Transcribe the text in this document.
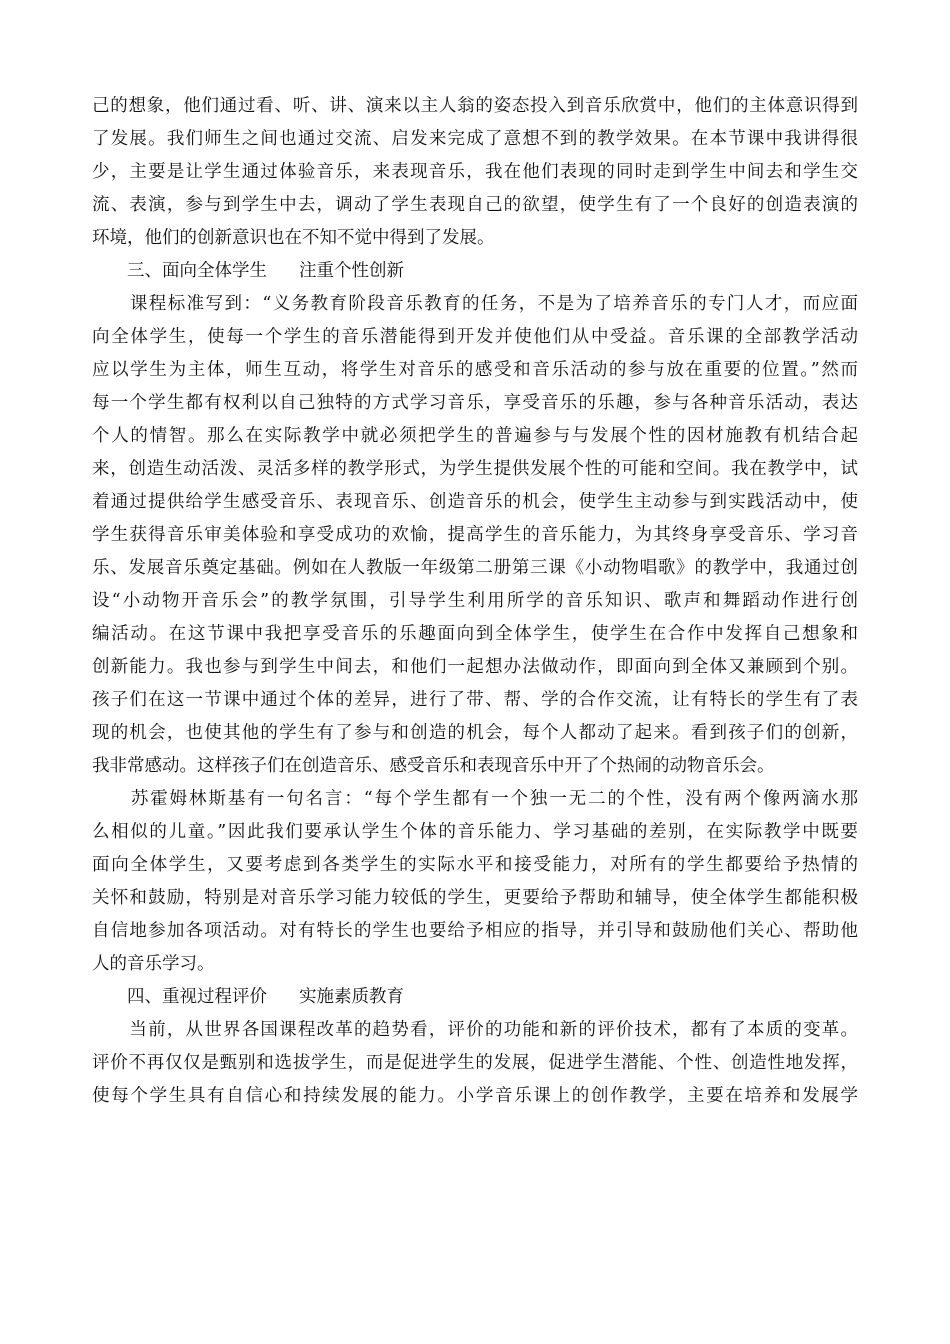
己的想象，他们通过看、听、讲、演来以主人翁的姿态投入到音乐欣赏中，他们的主体意识得到
了发展。我们师生之间也通过交流、启发来完成了意想不到的教学效果。在本节课中我讲得很
少，主要是让学生通过体验音乐，来表现音乐，我在他们表现的同时走到学生中间去和学生交
流、表演，参与到学生中去，调动了学生表现自己的欲望，使学生有了一个良好的创造表演的
环境，他们的创新意识也在不知不觉中得到了发展。
三、面向全体学生 注重个性创新
　　课程标准写到：“义务教育阶段音乐教育的任务，不是为了培养音乐的专门人才，而应面
向全体学生，使每一个学生的音乐潜能得到开发并使他们从中受益。音乐课的全部教学活动
应以学生为主体，师生互动，将学生对音乐的感受和音乐活动的参与放在重要的位置。”然而
每一个学生都有权利以自己独特的方式学习音乐，享受音乐的乐趣，参与各种音乐活动，表达
个人的情智。那么在实际教学中就必须把学生的普遍参与与发展个性的因材施教有机结合起
来，创造生动活泼、灵活多样的教学形式，为学生提供发展个性的可能和空间。我在教学中，试
着通过提供给学生感受音乐、表现音乐、创造音乐的机会，使学生主动参与到实践活动中，使
学生获得音乐审美体验和享受成功的欢愉，提高学生的音乐能力，为其终身享受音乐、学习音
乐、发展音乐奠定基础。例如在人教版一年级第二册第三课《小动物唱歌》的教学中，我通过创
设“小动物开音乐会”的教学氛围，引导学生利用所学的音乐知识、歌声和舞蹈动作进行创
编活动。在这节课中我把享受音乐的乐趣面向到全体学生，使学生在合作中发挥自己想象和
创新能力。我也参与到学生中间去，和他们一起想办法做动作，即面向到全体又兼顾到个别。
孩子们在这一节课中通过个体的差异，进行了带、帮、学的合作交流，让有特长的学生有了表
现的机会，也使其他的学生有了参与和创造的机会，每个人都动了起来。看到孩子们的创新，
我非常感动。这样孩子们在创造音乐、感受音乐和表现音乐中开了个热闹的动物音乐会。
　　苏霍姆林斯基有一句名言：“每个学生都有一个独一无二的个性，没有两个像两滴水那
么相似的儿童。”因此我们要承认学生个体的音乐能力、学习基础的差别，在实际教学中既要
面向全体学生，又要考虑到各类学生的实际水平和接受能力，对所有的学生都要给予热情的
关怀和鼓励，特别是对音乐学习能力较低的学生，更要给予帮助和辅导，使全体学生都能积极
自信地参加各项活动。对有特长的学生也要给予相应的指导，并引导和鼓励他们关心、帮助他
人的音乐学习。
四、重视过程评价 实施素质教育
　　当前，从世界各国课程改革的趋势看，评价的功能和新的评价技术，都有了本质的变革。
评价不再仅仅是甄别和选拔学生，而是促进学生的发展，促进学生潜能、个性、创造性地发挥，
使每个学生具有自信心和持续发展的能力。小学音乐课上的创作教学，主要在培养和发展学
